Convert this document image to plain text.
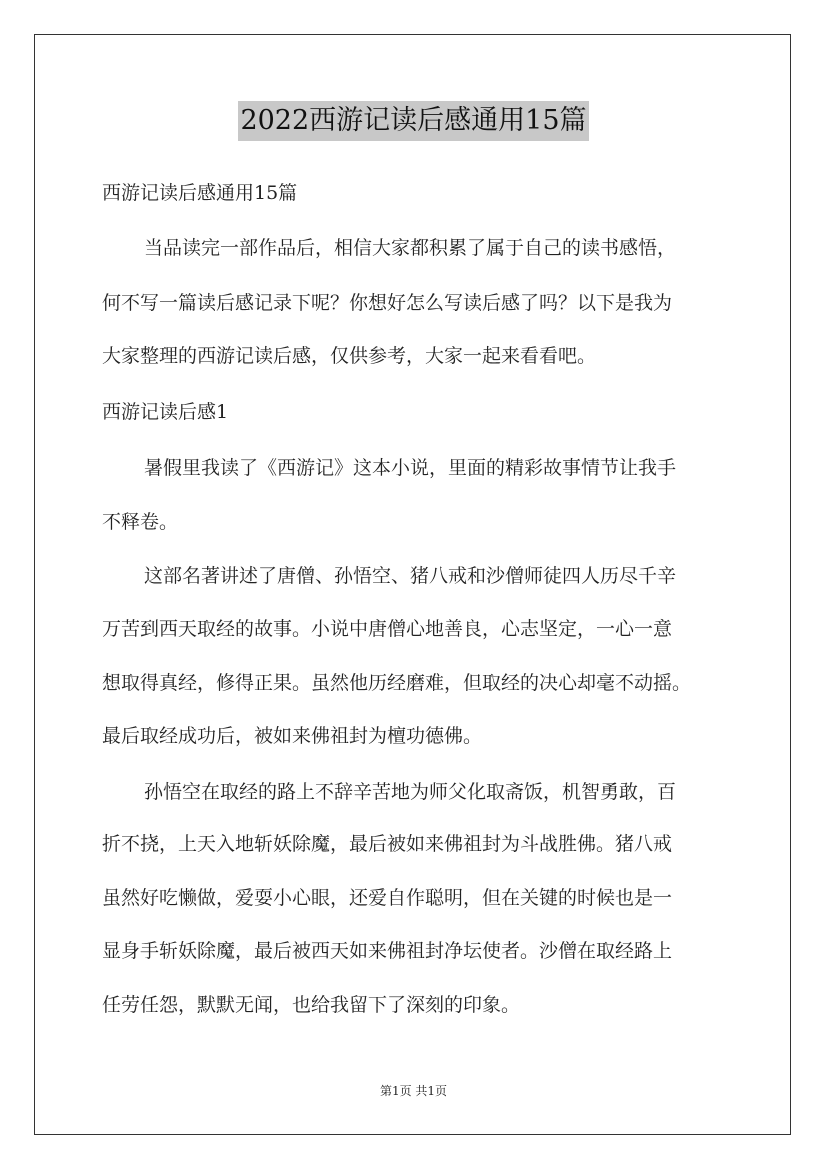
2022西游记读后感通用15篇
西游记读后感通用15篇
当品读完一部作品后，相信大家都积累了属于自己的读书感悟，
何不写一篇读后感记录下呢？你想好怎么写读后感了吗？以下是我为
大家整理的西游记读后感，仅供参考，大家一起来看看吧。
西游记读后感1
暑假里我读了《西游记》这本小说，里面的精彩故事情节让我手
不释卷。
这部名著讲述了唐僧、孙悟空、猪八戒和沙僧师徒四人历尽千辛
万苦到西天取经的故事。小说中唐僧心地善良，心志坚定，一心一意
想取得真经，修得正果。虽然他历经磨难，但取经的决心却毫不动摇。
最后取经成功后，被如来佛祖封为檀功德佛。
孙悟空在取经的路上不辞辛苦地为师父化取斋饭，机智勇敢，百
折不挠，上天入地斩妖除魔，最后被如来佛祖封为斗战胜佛。猪八戒
虽然好吃懒做，爱耍小心眼，还爱自作聪明，但在关键的时候也是一
显身手斩妖除魔，最后被西天如来佛祖封净坛使者。沙僧在取经路上
任劳任怨，默默无闻，也给我留下了深刻的印象。
第1页 共1页
